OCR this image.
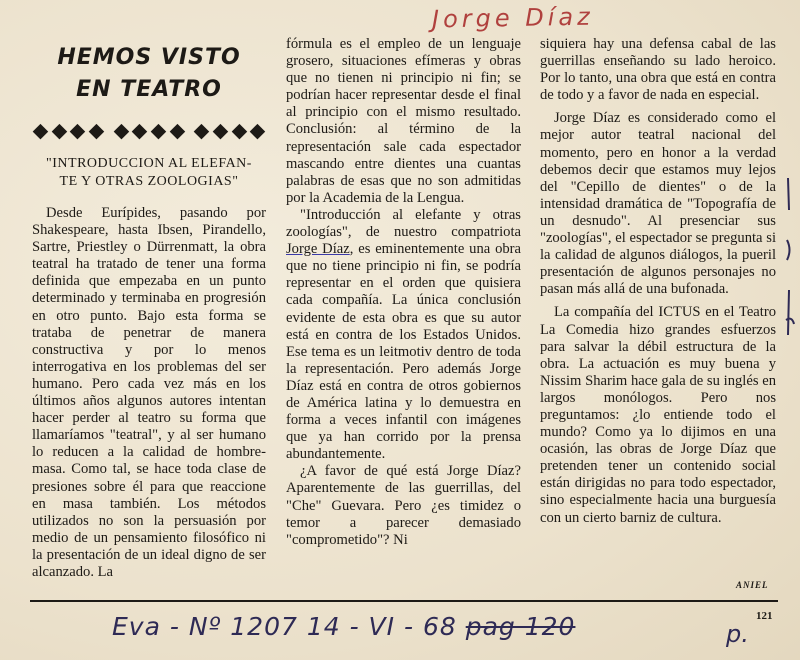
Jorge Díaz
HEMOS VISTO
EN TEATRO
"INTRODUCCION AL ELEFAN-
TE Y OTRAS ZOOLOGIAS"

Desde Eurípides, pasando por Shakespeare, hasta Ibsen, Pirandello, Sartre, Priestley o Dürrenmatt, la obra teatral ha tratado de tener una forma definida que empezaba en un punto determinado y terminaba en progresión en otro punto. Bajo esta forma se trataba de penetrar de manera constructiva y por lo menos interrogativa en los problemas del ser humano. Pero cada vez más en los últimos años algunos autores intentan hacer perder al teatro su forma que llamaríamos "teatral", y al ser humano lo reducen a la calidad de hombre-masa. Como tal, se hace toda clase de presiones sobre él para que reaccione en masa también. Los métodos utilizados no son la persuasión por medio de un pensamiento filosófico ni la presentación de un ideal digno de ser alcanzado. La

fórmula es el empleo de un lenguaje grosero, situaciones efímeras y obras que no tienen ni principio ni fin; se podrían hacer representar desde el final al principio con el mismo resultado. Conclusión: al término de la representación sale cada espectador mascando entre dientes una cuantas palabras de esas que no son admitidas por la Academia de la Lengua.

"Introducción al elefante y otras zoologías", de nuestro compatriota Jorge Díaz, es eminentemente una obra que no tiene principio ni fin, se podría representar en el orden que quisiera cada compañía. La única conclusión evidente de esta obra es que su autor está en contra de los Estados Unidos. Ese tema es un leitmotiv dentro de toda la representación. Pero además Jorge Díaz está en contra de otros gobiernos de América latina y lo demuestra en forma a veces infantil con imágenes que ya han corrido por la prensa abundantemente.

¿A favor de qué está Jorge Díaz? Aparentemente de las guerrillas, del "Che" Guevara. Pero ¿es timidez o temor a parecer demasiado "comprometido"? Ni

siquiera hay una defensa cabal de las guerrillas enseñando su lado heroico. Por lo tanto, una obra que está en contra de todo y a favor de nada en especial.

Jorge Díaz es considerado como el mejor autor teatral nacional del momento, pero en honor a la verdad debemos decir que estamos muy lejos del "Cepillo de dientes" o de la intensidad dramática de "Topografía de un desnudo". Al presenciar sus "zoologías", el espectador se pregunta si la calidad de algunos diálogos, la pueril presentación de algunos personajes no pasan más allá de una bufonada.

La compañía del ICTUS en el Teatro La Comedia hizo grandes esfuerzos para salvar la débil estructura de la obra. La actuación es muy buena y Nissim Sharim hace gala de su inglés en largos monólogos. Pero nos preguntamos: ¿lo entiende todo el mundo? Como ya lo dijimos en una ocasión, las obras de Jorge Díaz que pretenden tener un contenido social están dirigidas no para todo espectador, sino especialmente hacia una burguesía con un cierto barniz de cultura.

ANIEL
121
Eva - Nº 1207 14 - VI - 68 pag 120	p.
